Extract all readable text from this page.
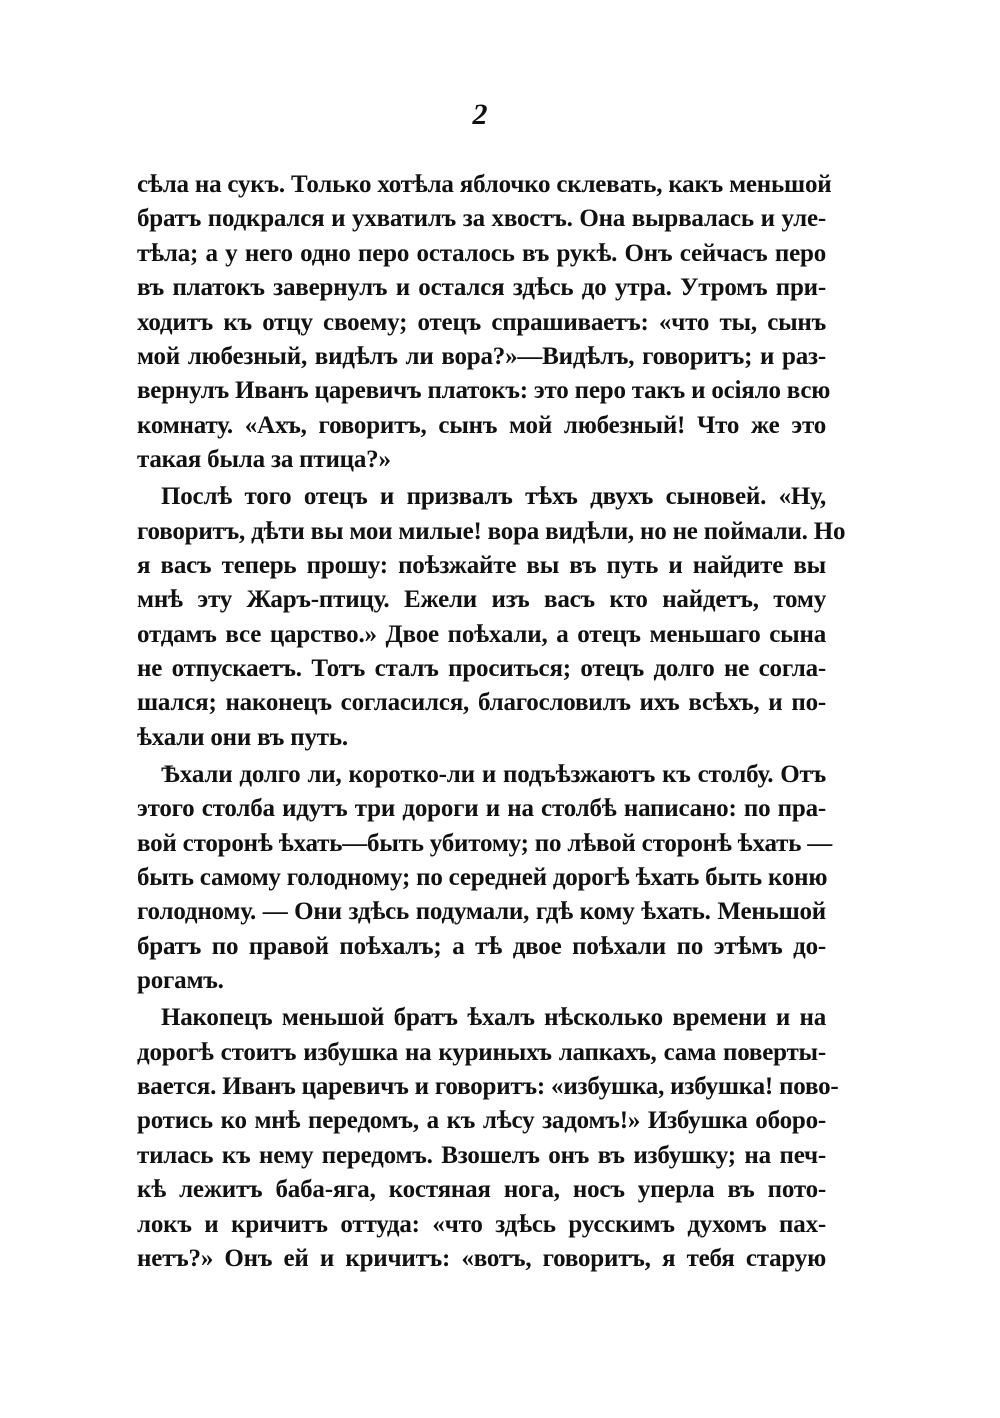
2
сѣла на сукъ. Только хотѣла яблочко склевать, какъ меньшой
братъ подкрался и ухватилъ за хвостъ. Она вырвалась и уле-
тѣла; а у него одно перо осталось въ рукѣ. Онъ сейчасъ перо
въ платокъ завернулъ и остался здѣсь до утра. Утромъ при-
ходитъ къ отцу своему; отецъ спрашиваетъ: «что ты, сынъ
мой любезный, видѣлъ ли вора?»—Видѣлъ, говоритъ; и раз-
вернулъ Иванъ царевичъ платокъ: это перо такъ и осіяло всю
комнату. «Ахъ, говоритъ, сынъ мой любезный! Что же это
такая была за птица?»
Послѣ того отецъ и призвалъ тѣхъ двухъ сыновей. «Ну,
говоритъ, дѣти вы мои милые! вора видѣли, но не поймали. Но
я васъ теперь прошу: поѣзжайте вы въ путь и найдите вы
мнѣ эту Жаръ-птицу. Ежели изъ васъ кто найдетъ, тому
отдамъ все царство.» Двое поѣхали, а отецъ меньшаго сына
не отпускаетъ. Тотъ сталъ проситься; отецъ долго не согла-
шался; наконецъ согласился, благословилъ ихъ всѣхъ, и по-
ѣхали они въ путь.
Ѣхали долго ли, коротко-ли и подъѣзжаютъ къ столбу. Отъ
этого столба идутъ три дороги и на столбѣ написано: по пра-
вой сторонѣ ѣхать—быть убитому; по лѣвой сторонѣ ѣхать —
быть самому голодному; по середней дорогѣ ѣхать быть коню
голодному. — Они здѣсь подумали, гдѣ кому ѣхать. Меньшой
братъ по правой поѣхалъ; а тѣ двое поѣхали по этѣмъ до-
рогамъ.
Накопецъ меньшой братъ ѣхалъ нѣсколько времени и на
дорогѣ стоитъ избушка на куриныхъ лапкахъ, сама поверты-
вается. Иванъ царевичъ и говоритъ: «избушка, избушка! пово-
ротись ко мнѣ передомъ, а къ лѣсу задомъ!» Избушка оборо-
тилась къ нему передомъ. Взошелъ онъ въ избушку; на печ-
кѣ лежитъ баба-яга, костяная нога, носъ уперла въ пото-
локъ и кричитъ оттуда: «что здѣсь русскимъ духомъ пах-
нетъ?» Онъ ей и кричитъ: «вотъ, говоритъ, я тебя старую
